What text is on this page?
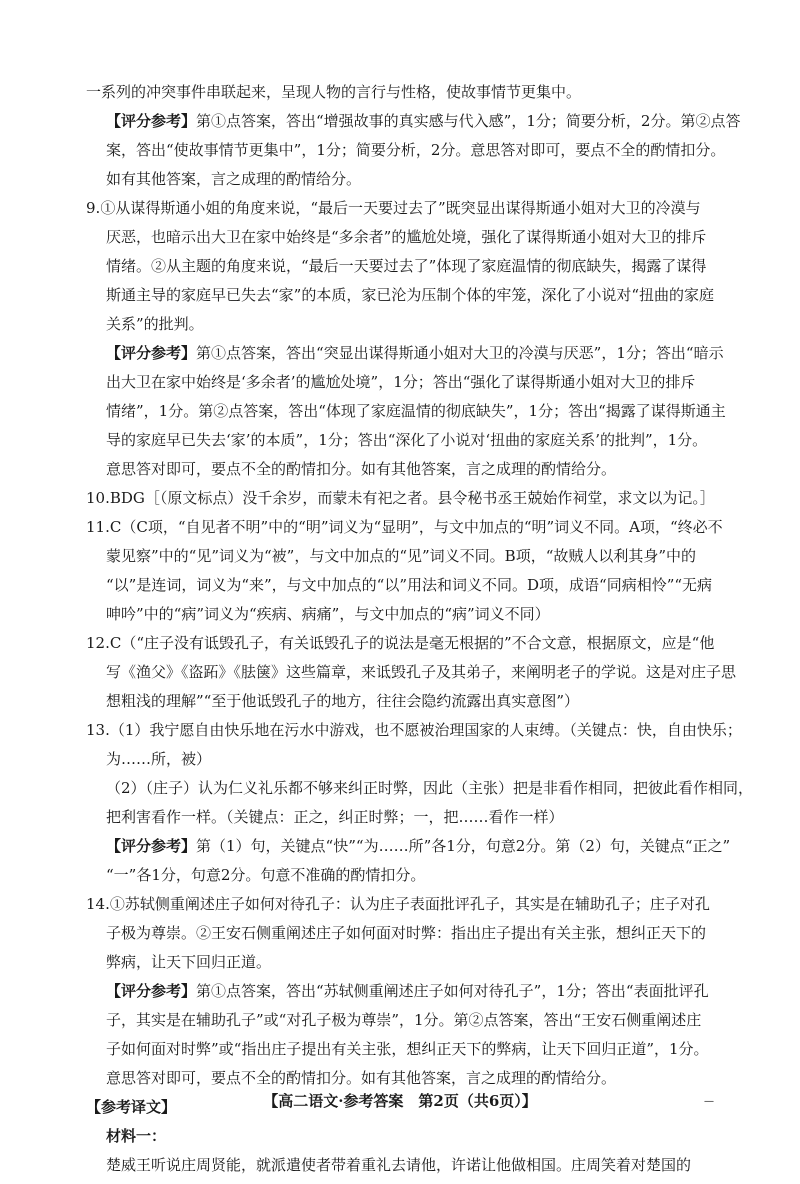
一系列的冲突事件串联起来，呈现人物的言行与性格，使故事情节更集中。
【评分参考】第①点答案，答出“增强故事的真实感与代入感”，1分；简要分析，2分。第②点答
案，答出“使故事情节更集中”，1分；简要分析，2分。意思答对即可，要点不全的酌情扣分。
如有其他答案，言之成理的酌情给分。
9.①从谋得斯通小姐的角度来说，“最后一天要过去了”既突显出谋得斯通小姐对大卫的冷漠与
厌恶，也暗示出大卫在家中始终是“多余者”的尴尬处境，强化了谋得斯通小姐对大卫的排斥
情绪。②从主题的角度来说，“最后一天要过去了”体现了家庭温情的彻底缺失，揭露了谋得
斯通主导的家庭早已失去“家”的本质，家已沦为压制个体的牢笼，深化了小说对“扭曲的家庭
关系”的批判。
【评分参考】第①点答案，答出“突显出谋得斯通小姐对大卫的冷漠与厌恶”，1分；答出“暗示
出大卫在家中始终是‘多余者’的尴尬处境”，1分；答出“强化了谋得斯通小姐对大卫的排斥
情绪”，1分。第②点答案，答出“体现了家庭温情的彻底缺失”，1分；答出“揭露了谋得斯通主
导的家庭早已失去‘家’的本质”，1分；答出“深化了小说对‘扭曲的家庭关系’的批判”，1分。
意思答对即可，要点不全的酌情扣分。如有其他答案，言之成理的酌情给分。
10.BDG［（原文标点）没千余岁，而蒙未有祀之者。县令秘书丞王兢始作祠堂，求文以为记。］
11.C（C项，“自见者不明”中的“明”词义为“显明”，与文中加点的“明”词义不同。A项，“终必不
蒙见察”中的“见”词义为“被”，与文中加点的“见”词义不同。B项，“故贼人以利其身”中的
“以”是连词，词义为“来”，与文中加点的“以”用法和词义不同。D项，成语“同病相怜”“无病
呻吟”中的“病”词义为“疾病、病痛”，与文中加点的“病”词义不同）
12.C（“庄子没有诋毁孔子，有关诋毁孔子的说法是毫无根据的”不合文意，根据原文，应是“他
写《渔父》《盗跖》《胠箧》这些篇章，来诋毁孔子及其弟子，来阐明老子的学说。这是对庄子思
想粗浅的理解”“至于他诋毁孔子的地方，往往会隐约流露出真实意图”）
13.（1）我宁愿自由快乐地在污水中游戏，也不愿被治理国家的人束缚。（关键点：快，自由快乐；
为……所，被）
（2）（庄子）认为仁义礼乐都不够来纠正时弊，因此（主张）把是非看作相同，把彼此看作相同，
把利害看作一样。（关键点：正之，纠正时弊；一，把……看作一样）
【评分参考】第（1）句，关键点“快”“为……所”各1分，句意2分。第（2）句，关键点“正之”
“一”各1分，句意2分。句意不准确的酌情扣分。
14.①苏轼侧重阐述庄子如何对待孔子：认为庄子表面批评孔子，其实是在辅助孔子；庄子对孔
子极为尊崇。②王安石侧重阐述庄子如何面对时弊：指出庄子提出有关主张，想纠正天下的
弊病，让天下回归正道。
【评分参考】第①点答案，答出“苏轼侧重阐述庄子如何对待孔子”，1分；答出“表面批评孔
子，其实是在辅助孔子”或“对孔子极为尊崇”，1分。第②点答案，答出“王安石侧重阐述庄
子如何面对时弊”或“指出庄子提出有关主张，想纠正天下的弊病，让天下回归正道”，1分。
意思答对即可，要点不全的酌情扣分。如有其他答案，言之成理的酌情给分。
【参考译文】
材料一：
楚威王听说庄周贤能，就派遣使者带着重礼去请他，许诺让他做相国。庄周笑着对楚国的
【高二语文·参考答案　第2页（共6页）】	—
